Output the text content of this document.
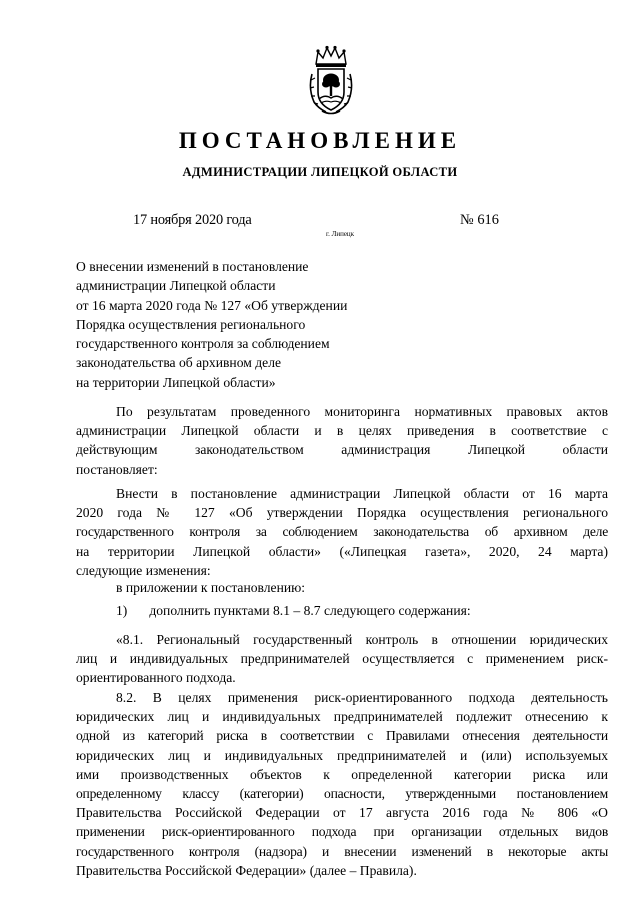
ПОСТАНОВЛЕНИЕ
АДМИНИСТРАЦИИ ЛИПЕЦКОЙ ОБЛАСТИ
17 ноября 2020 года
г. Липецк
№ 616
О внесении изменений в постановление
администрации Липецкой области
от 16 марта 2020 года № 127 «Об утверждении
Порядка осуществления регионального
государственного контроля за соблюдением
законодательства об архивном деле
на территории Липецкой области»
По результатам проведенного мониторинга нормативных правовых актов
администрации Липецкой области и в целях приведения в соответствие с
действующим законодательством администрация Липецкой области
постановляет:
Внести в постановление администрации Липецкой области от 16 марта
2020 года № 127 «Об утверждении Порядка осуществления регионального
государственного контроля за соблюдением законодательства об архивном деле
на территории Липецкой области» («Липецкая газета», 2020, 24 марта)
следующие изменения:
в приложении к постановлению:
1) дополнить пунктами 8.1 – 8.7 следующего содержания:
«8.1. Региональный государственный контроль в отношении юридических
лиц и индивидуальных предпринимателей осуществляется с применением риск-
ориентированного подхода.
8.2. В целях применения риск-ориентированного подхода деятельность
юридических лиц и индивидуальных предпринимателей подлежит отнесению к
одной из категорий риска в соответствии с Правилами отнесения деятельности
юридических лиц и индивидуальных предпринимателей и (или) используемых
ими производственных объектов к определенной категории риска или
определенному классу (категории) опасности, утвержденными постановлением
Правительства Российской Федерации от 17 августа 2016 года № 806 «О
применении риск-ориентированного подхода при организации отдельных видов
государственного контроля (надзора) и внесении изменений в некоторые акты
Правительства Российской Федерации» (далее – Правила).
